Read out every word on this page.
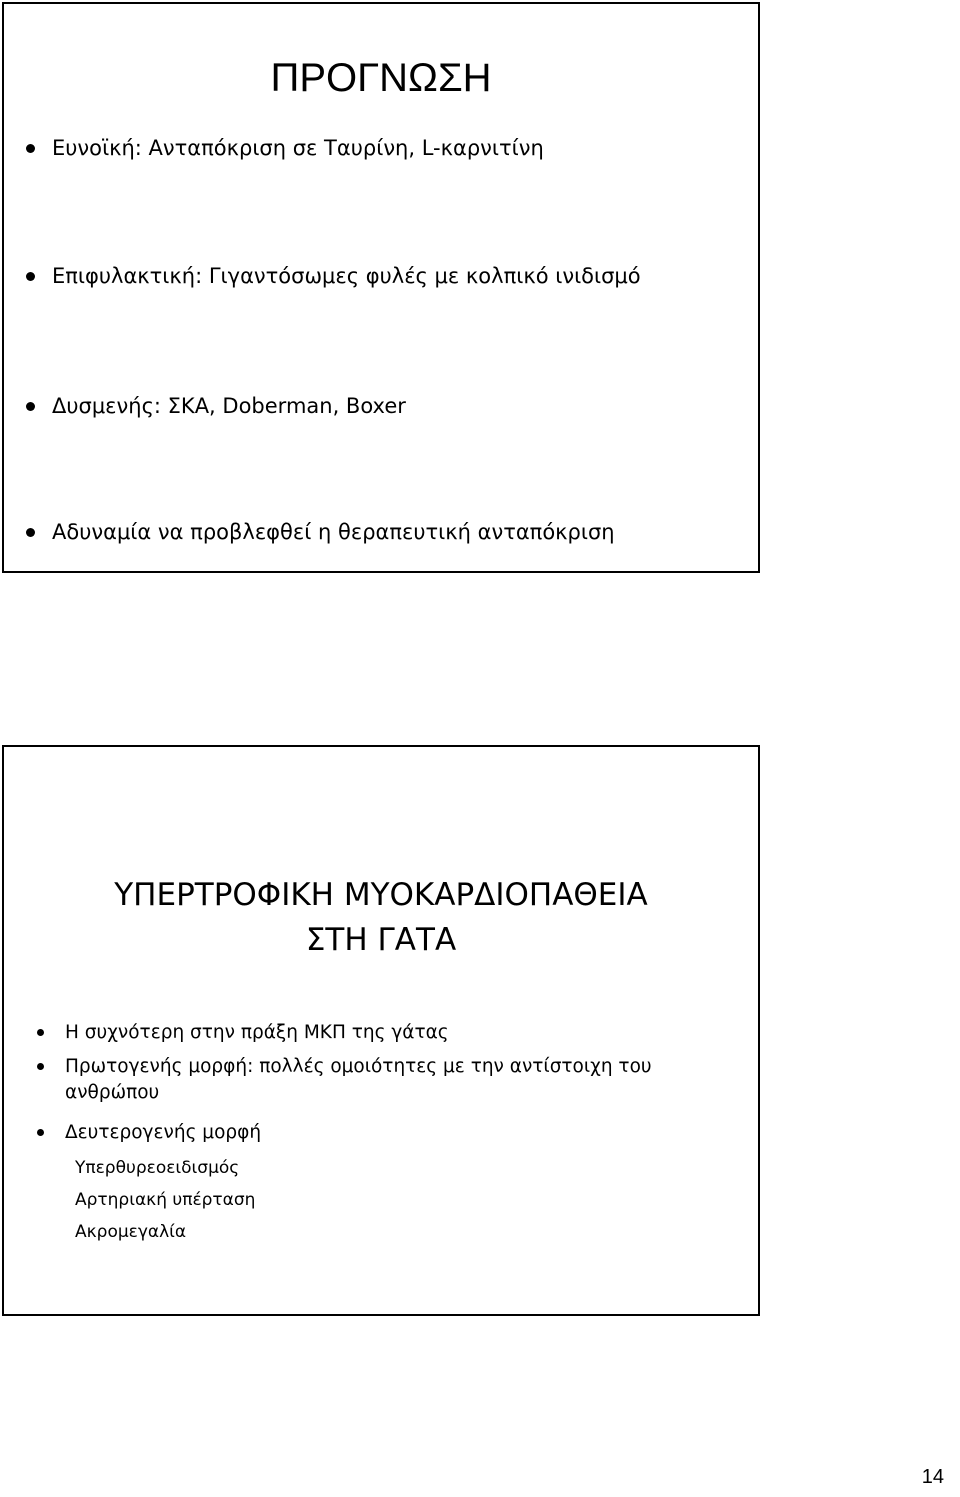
ΠΡΟΓΝΩΣΗ
Ευνοϊκή: Ανταπόκριση σε Ταυρίνη, L-καρνιτίνη
Επιφυλακτική: Γιγαντόσωμες φυλές με κολπικό ινιδισμό
Δυσμενής: ΣΚΑ, Doberman, Boxer
Αδυναμία να προβλεφθεί η θεραπευτική ανταπόκριση
ΥΠΕΡΤΡΟΦΙΚΗ ΜΥΟΚΑΡΔΙΟΠΑΘΕΙΑ
ΣΤΗ ΓΑΤΑ
Η συχνότερη στην πράξη ΜΚΠ της γάτας
Πρωτογενής μορφή: πολλές ομοιότητες με την αντίστοιχη του ανθρώπου
Δευτερογενής μορφή
Υπερθυρεοειδισμός
Αρτηριακή υπέρταση
Ακρομεγαλία
14
